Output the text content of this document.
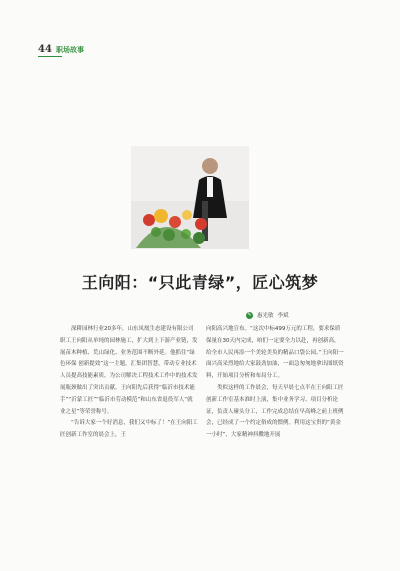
44 职场故事
王向阳：“只此青绿”，匠心筑梦
✎ 惠光敏 李斌

深耕园林行业20多年，山东凤凰生态建设有限公司职工王向阳从单纯的园林施工，扩大到上下游产业链，发展苗木种植、荒山绿化、业务范围不断外延。他抓住“绿色环保 创新提效”这一主题，汇集团智慧，带动专业技术人员提高技能素质，为公司解决工程技术工作中的技术发展瓶颈做出了突出贡献。王向阳先后获得“临沂市技术能手”“沂蒙工匠”“临沂市劳动模范”和山东省退役军人“就业之星”等荣誉称号。

“告诉大家一个好消息，我们又中标了！”在王向阳工匠创新工作室的晨会上，王

向阳高兴地宣布。“这次中标499万元的工程，要求保质保量在30天内完成，咱们一定要全力以赴，再创新高，给全市人民再添一个美轮美奂的精品口袋公园。”王向阳一面兴高采烈地给大家鼓劲加油，一面急匆匆地拿出图纸资料，开始项目分析和布局分工。

类似这样的工作晨会，每天早晨七点半在王向阳工匠创新工作室基本准时上演，集中业务学习、项目分析论证，负责人碰头分工，工作完成总结在早高峰之前上班例会，已经成了一个约定俗成的惯例。利用这宝贵的“黄金一小时”，大家精神抖擞地开展
